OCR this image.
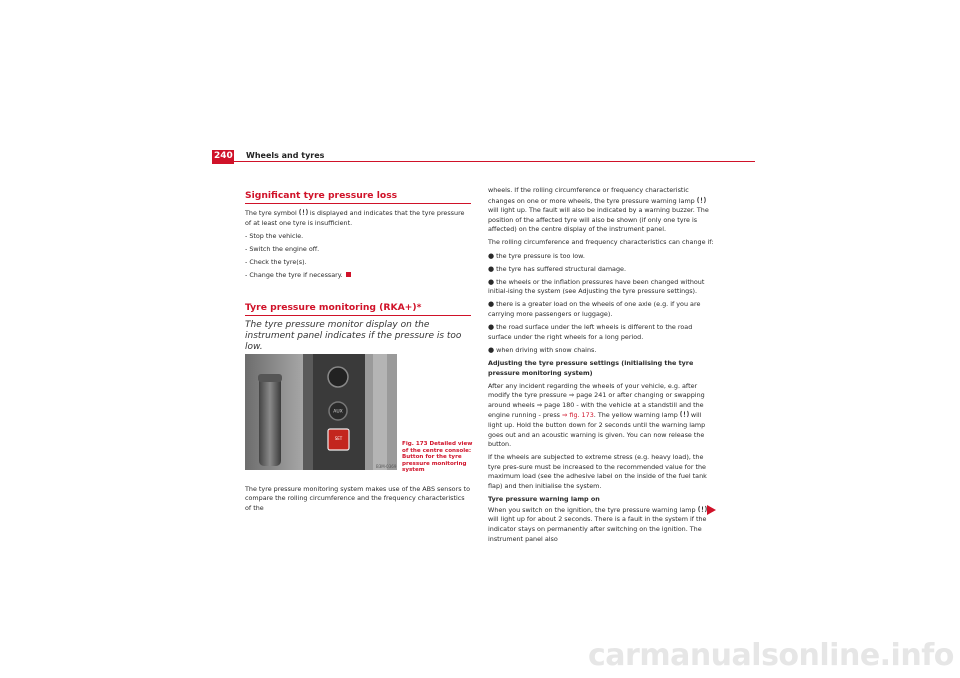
240 Wheels and tyres
Significant tyre pressure loss

The tyre symbol  is displayed and indicates that the tyre pressure of at least one tyre is insufficient.

- Stop the vehicle.

- Switch the engine off.

- Check the tyre(s).

- Change the tyre if necessary.

Tyre pressure monitoring (RKA+)*
The tyre pressure monitor display on the instrument panel indicates if the pressure is too low.

The tyre pressure monitoring system makes use of the ABS sensors to compare the rolling circumference and the frequency characteristics of the

AUX
SET
B3M-0369
Fig. 173 Detailed view of the centre console: Button for the tyre pressure monitoring system

wheels. If the rolling circumference or frequency characteristic changes on one or more wheels, the tyre pressure warning lamp  will light up. The fault will also be indicated by a warning buzzer. The position of the affected tyre will also be shown (if only one tyre is affected) on the centre display of the instrument panel.

The rolling circumference and frequency characteristics can change if:

● the tyre pressure is too low.

● the tyre has suffered structural damage.

● the wheels or the inflation pressures have been changed without initial-ising the system (see Adjusting the tyre pressure settings).

● there is a greater load on the wheels of one axle (e.g. if you are carrying more passengers or luggage).

● the road surface under the left wheels is different to the road surface under the right wheels for a long period.

● when driving with snow chains.

Adjusting the tyre pressure settings (initialising the tyre pressure monitoring system)

After any incident regarding the wheels of your vehicle, e.g. after modify the tyre pressure ⇒ page 241 or after changing or swapping around wheels ⇒ page 180 - with the vehicle at a standstill and the engine running - press ⇒ fig. 173. The yellow warning lamp  will light up. Hold the button down for 2 seconds until the warning lamp goes out and an acoustic warning is given. You can now release the button.

If the wheels are subjected to extreme stress (e.g. heavy load), the tyre pres-sure must be increased to the recommended value for the maximum load (see the adhesive label on the inside of the fuel tank flap) and then initialise the system.

Tyre pressure warning lamp on

When you switch on the ignition, the tyre pressure warning lamp  will light up for about 2 seconds. There is a fault in the system if the indicator stays on permanently after switching on the ignition. The instrument panel also

carmanualsonline.info
